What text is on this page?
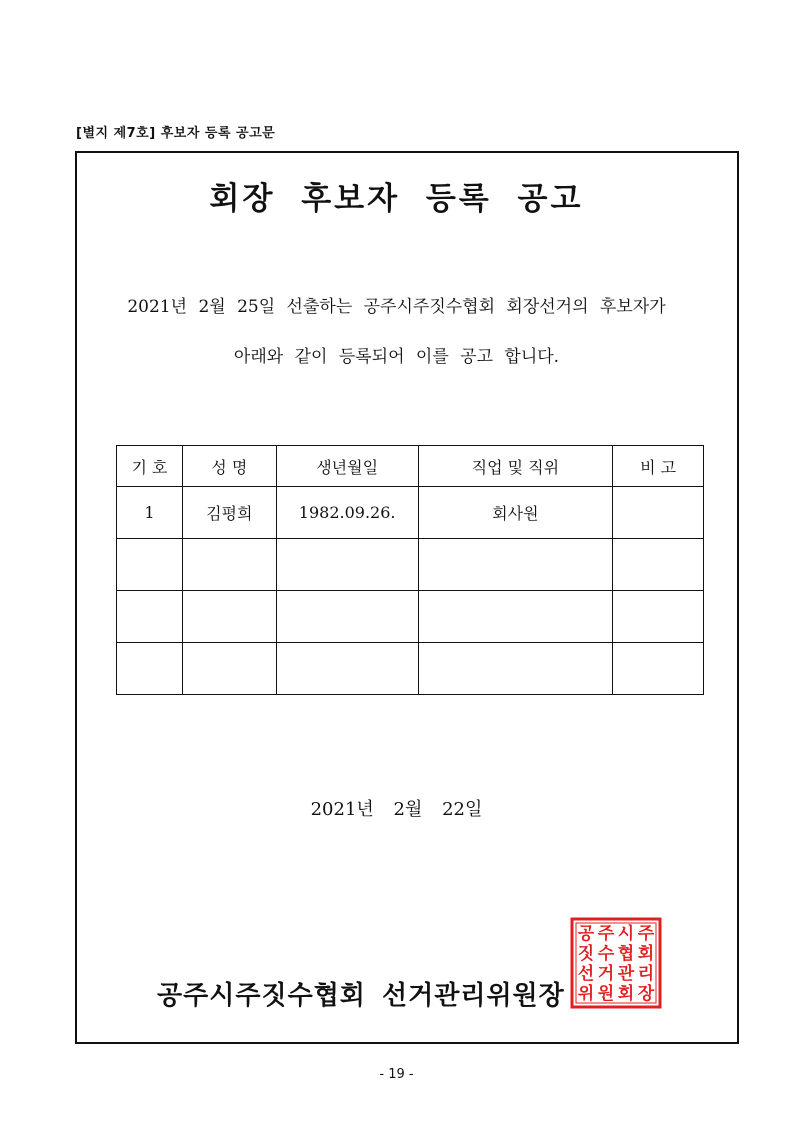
[별지 제7호] 후보자 등록 공고문
회장 후보자 등록 공고
2021년 2월 25일 선출하는 공주시주짓수협회 회장선거의 후보자가
아래와 같이 등록되어 이를 공고 합니다.
기 호	성 명	생년월일	직업 및 직위	비 고
1	김평희	1982.09.26.	회사원	

2021년 2월 22일
공주시주짓수협회 선거관리위원장
공 주 시 주
짓 수 협 회
선 거 관 리
위 원 회 장
- 19 -
